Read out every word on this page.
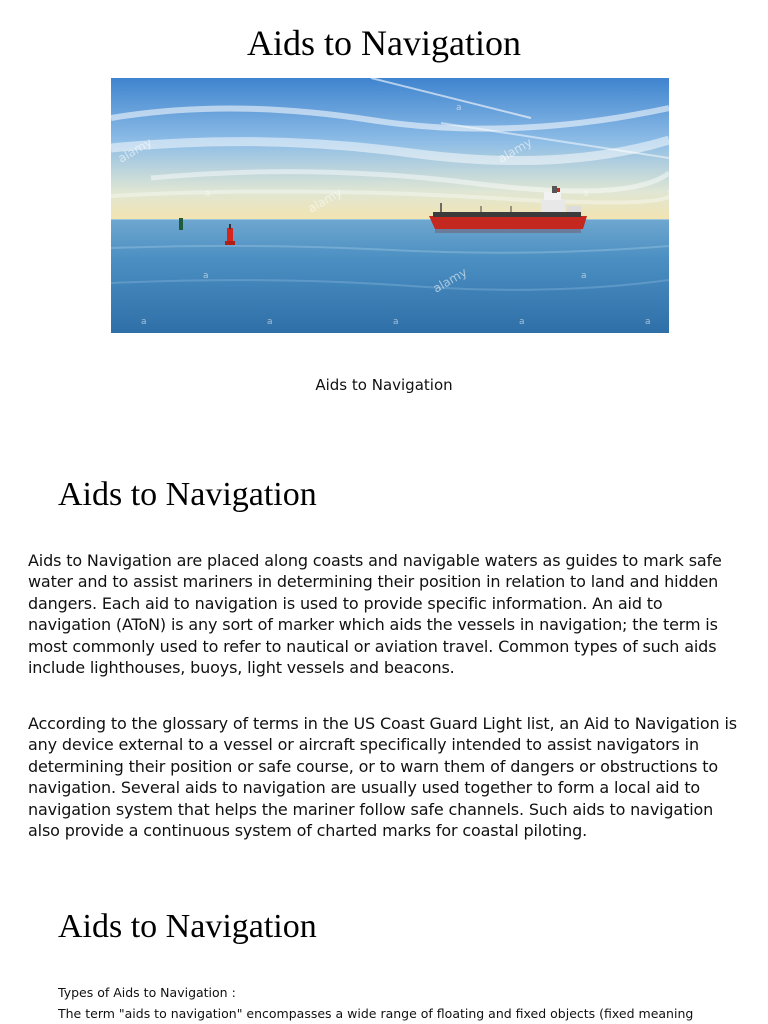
Aids to Navigation
alamy
alamy
alamy
alamy
a
a	a
a	a
a	a	a	a	a
Aids to Navigation
Aids to Navigation

Aids to Navigation are placed along coasts and navigable waters as guides to mark safe water and to assist mariners in determining their position in relation to land and hidden dangers. Each aid to navigation is used to provide specific information. An aid to navigation (AToN) is any sort of marker which aids the vessels in navigation; the term is most commonly used to refer to nautical or aviation travel. Common types of such aids include lighthouses, buoys, light vessels and beacons.

According to the glossary of terms in the US Coast Guard Light list, an Aid to Navigation is any device external to a vessel or aircraft specifically intended to assist navigators in determining their position or safe course, or to warn them of dangers or obstructions to navigation. Several aids to navigation are usually used together to form a local aid to navigation system that helps the mariner follow safe channels. Such aids to navigation also provide a continuous system of charted marks for coastal piloting.

Aids to Navigation
Types of Aids to Navigation :
The term "aids to navigation" encompasses a wide range of floating and fixed objects (fixed meaning
